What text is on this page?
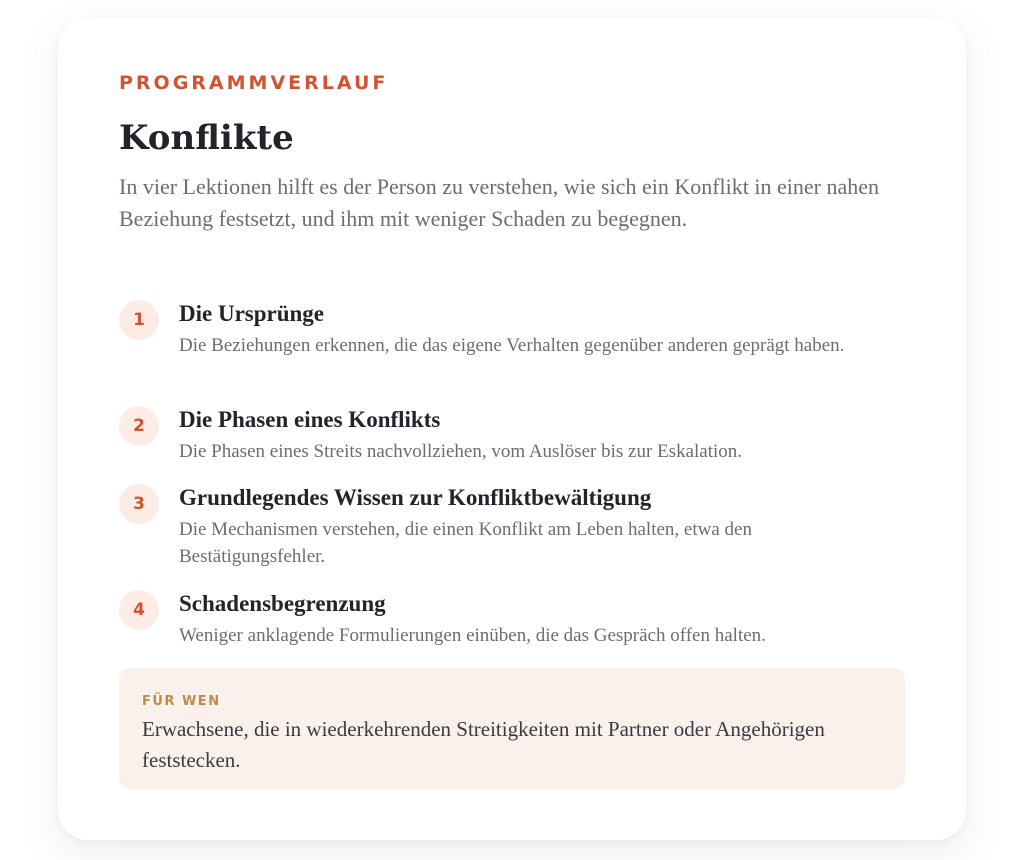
PROGRAMMVERLAUF
Konflikte

In vier Lektionen hilft es der Person zu verstehen, wie sich ein Konflikt in einer nahen Beziehung festsetzt, und ihm mit weniger Schaden zu begegnen.

1	Die Ursprünge
Die Beziehungen erkennen, die das eigene Verhalten gegenüber anderen geprägt haben.
2	Die Phasen eines Konflikts
Die Phasen eines Streits nachvollziehen, vom Auslöser bis zur Eskalation.
3	Grundlegendes Wissen zur Konfliktbewältigung
Die Mechanismen verstehen, die einen Konflikt am Leben halten, etwa den Bestätigungsfehler.
4	Schadensbegrenzung
Weniger anklagende Formulierungen einüben, die das Gespräch offen halten.
FÜR WEN
Erwachsene, die in wiederkehrenden Streitigkeiten mit Partner oder Angehörigen feststecken.
